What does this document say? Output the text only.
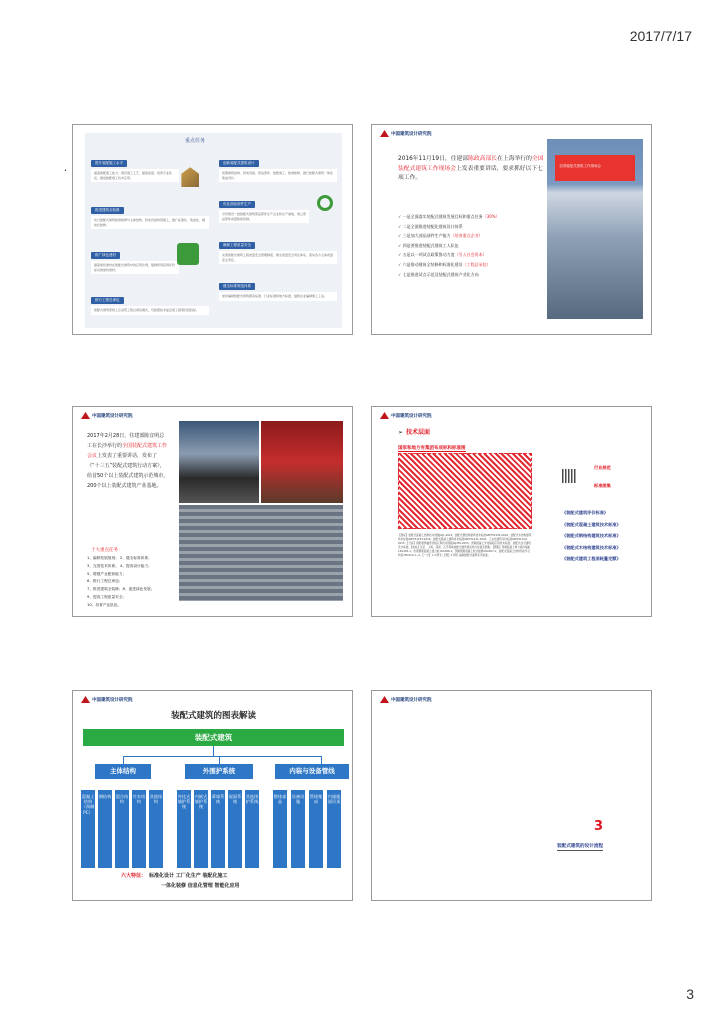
2017/7/17
重点任务
提升装配施工水平
提高装配施工能力；规范施工工艺，提高质量；培育专业队伍，推进装配施工技术应用。
推进建筑全装修
实行装配式建筑装饰装修与主体结构、机电设备协同施工，推广标准化、集成化、模块化装修。
推广绿色建材
提高绿色建材在装配式建筑中的应用比例，强制使用获得评价标识的绿色建材。
推行工程总承包
装配式建筑原则上应采用工程总承包模式，可按照技术复杂类工程项目招投标。
创新装配式建筑设计
统筹建筑结构、机电设备、部品部件、装配施工、装饰装修，推行装配式建筑一体化集成设计。
优化部品部件生产
引导建设一批装配式建筑部品部件生产企业和生产基地，建立部品部件质量验收机制。
确保工程质量安全
完善装配式建筑工程质量安全管理制度，健全质量安全责任体系，落实各方主体质量安全责任。
健全标准规范体系
加快编制装配式建筑国家标准、行业标准和地方标准，鼓励企业编制施工工法。
•
中国建筑设计研究院
2016年11月19日，住建部陈政高部长在上海举行的全国装配式建筑工作现场会上发表重要讲话，要求抓好以下七项工作。
✓ 一是全面落实装配式建筑发展目标和重点任务（30%）
✓ 二是全面推进装配化建筑设计体系
✓ 三是加大部品部件生产能力（培育重点企业）
✓ 四是要推进装配式建筑工人队伍
✓ 五是以一项试点政策推动力度（引入社会资本）
✓ 六是推动建筑全装修和标准化建设（工程总承包）
✓ 七是推进试点示范及装配式建筑产业化方向
全国装配式建筑工作现场会
中国建筑设计研究院
2017年2月28日，住建部陈宜明总工在长沙举行的全国装配式建筑工作会议上发表了重要讲话，发布了《“十三五”装配式建筑行动方案》，给首50个以上装配式建筑示范城市，200个以上装配式建筑产业基地。
十大重点任务：
1、编制发展规划； 2、健全标准体系；
3、完善技术体系； 4、提高设计能力；
5、增强产业配套能力；
6、推行工程总承包；
7、推进建筑全装修；8、促进绿色发展；
9、提高工程质量安全；
10、培育产业队伍。
中国建筑设计研究院
➢ 技术层面
国家和地方有集团布成标和标准图
【国标】装配式混凝土结构技术规程JGJ1-2014；装配式钢结构建筑技术标准GB/T51232-2016；装配式木结构建筑技术标准GB/T51233-2016；装配式混凝土建筑技术标准GB/T51231-2016；工业化建筑评价标准GB/T51129-2015；【行标】钢筋套筒灌浆连接应用技术规程JGJ355-2015；预制混凝土外挂墙板应用技术标准；装配式住宅建筑设计标准；【地标】北京、上海、深圳、江苏等地装配式建筑相关地方标准及图集；【图集】预制混凝土剪力墙外墙板15G365-1；桁架钢筋混凝土叠合板15G366-1；预制钢筋混凝土板式楼梯15G367-1；装配式混凝土结构连接节点构造15G310-1~2。【一计】1.3 研究；【规】2 研究 编制装配式建筑系列标准。
行业规范
标准图集
《装配式建筑评价标准》
《装配式混凝土建筑技术标准》
《装配式钢结构建筑技术标准》
《装配式木结构建筑技术标准》
《装配式建筑工程消耗量定额》
中国建筑设计研究院
装配式建筑的图表解读
装配式建筑
主体结构	外围护系统	内装与设备管线
混凝土结构（预制PC）
钢结构 混合结构
竹木结构
其他结构
外挂式墙护系统
内嵌式墙护系统
幕墙系统
屋面系统
其他围护系统
整体部品
设备设施
管线集成
内墙地面吊顶
六大特征： 标准化设计 工厂化生产 装配化施工
一体化装修 信息化管理 智能化应用
中国建筑设计研究院
3
装配式建筑的设计流程
3
